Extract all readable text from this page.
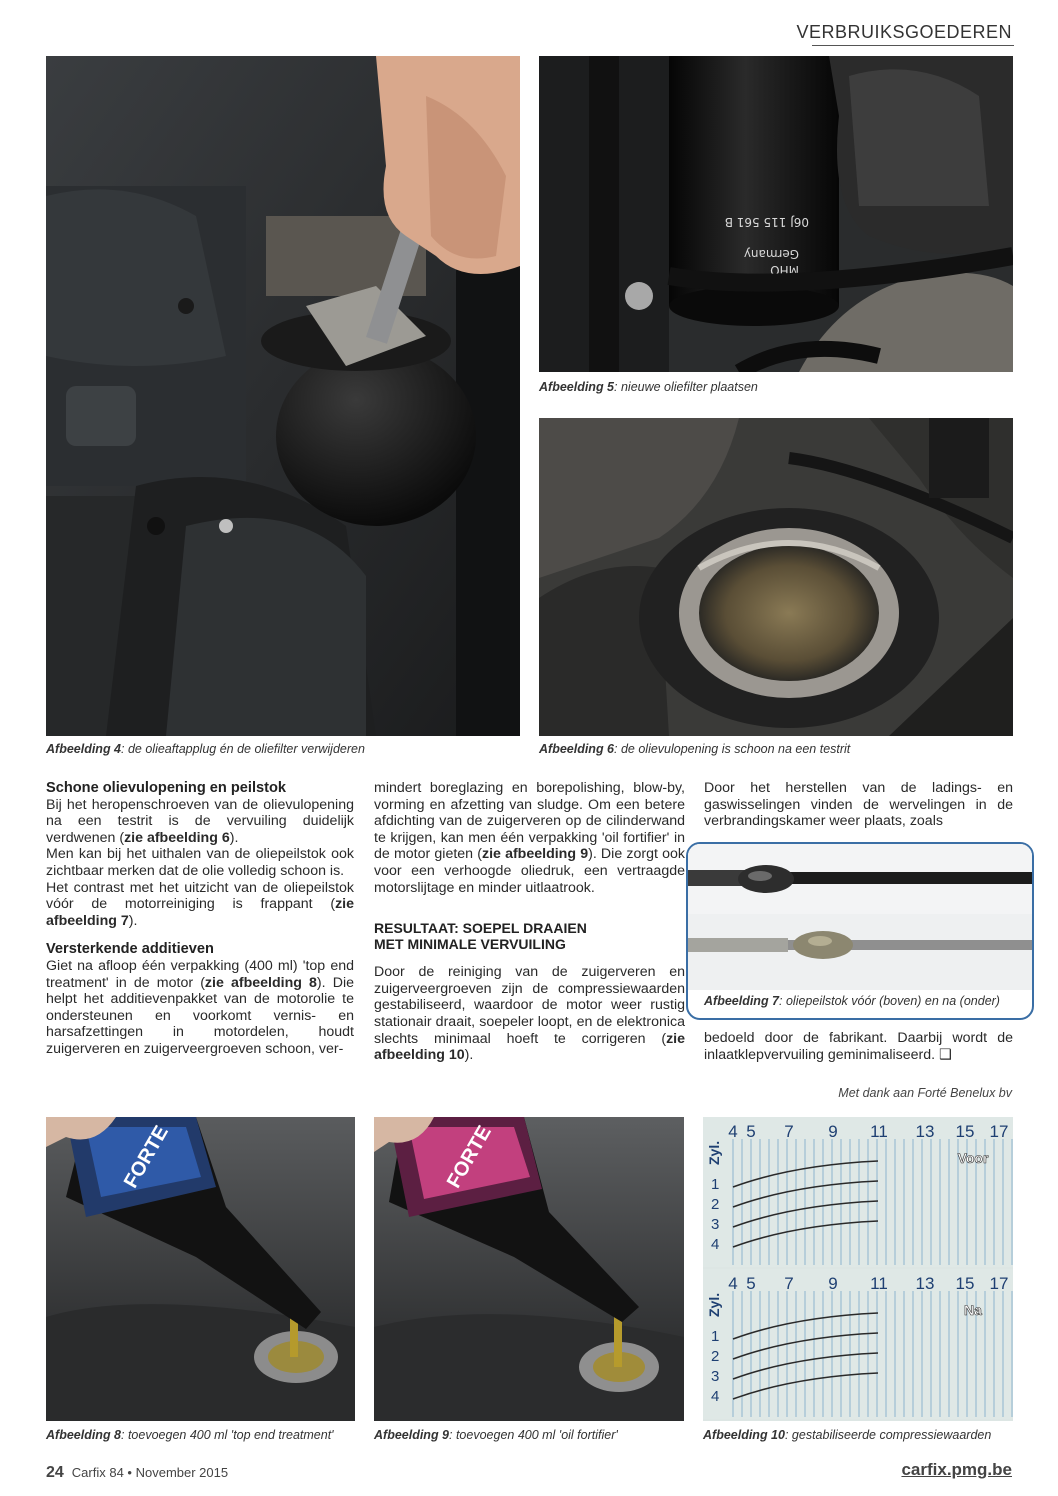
VERBRUIKSGOEDEREN
Afbeelding 4: de olieaftapplug én de oliefilter verwijderen
MHO
Germany
06J 115 561 B
Afbeelding 5: nieuwe oliefilter plaatsen
Afbeelding 6: de olievulopening is schoon na een testrit
Schone olievulopening en peilstok

Bij het heropenschroeven van de olievulopening na een testrit is de vervuiling duidelijk verdwenen (zie afbeelding 6).

Men kan bij het uithalen van de oliepeilstok ook zichtbaar merken dat de olie volledig schoon is.

Het contrast met het uitzicht van de oliepeilstok vóór de motorreiniging is frappant (zie afbeelding 7).

Versterkende additieven

Giet na afloop één verpakking (400 ml) 'top end treatment' in de motor (zie afbeelding 8). Die helpt het additievenpakket van de motorolie te ondersteunen en voorkomt vernis- en harsafzettingen in motordelen, houdt zuigerveren en zuigerveergroeven schoon, ver-

mindert boreglazing en borepolishing, blow-by, vorming en afzetting van sludge. Om een betere afdichting van de zuigerveren op de cilinderwand te krijgen, kan men één verpakking 'oil fortifier' in de motor gieten (zie afbeelding 9). Die zorgt ook voor een verhoogde oliedruk, een vertraagde motorslijtage en minder uitlaatrook.

RESULTAAT: SOEPEL DRAAIEN
MET MINIMALE VERVUILING

Door de reiniging van de zuigerveren en zuigerveergroeven zijn de compressiewaarden gestabiliseerd, waardoor de motor weer rustig stationair draait, soepeler loopt, en de elektronica slechts minimaal hoeft te corrigeren (zie afbeelding 10).

Door het herstellen van de ladings- en gaswisselingen vinden de wervelingen in de verbrandingskamer weer plaats, zoals

Afbeelding 7: oliepeilstok vóór (boven) en na (onder)

bedoeld door de fabrikant. Daarbij wordt de inlaatklepvervuiling geminimaliseerd. ❑

Met dank aan Forté Benelux bv
FORTE
Afbeelding 8: toevoegen 400 ml 'top end treatment'
FORTE
Afbeelding 9: toevoegen 400 ml 'oil fortifier'
4 5 7 9 11 13 15 17
Zyl.
1
2
3
4
Voor
4 5 7 9 11 13 15 17
Zyl.
1
2
3
4
Na
Afbeelding 10: gestabiliseerde compressiewaarden
24 Carfix 84 • November 2015	carfix.pmg.be
